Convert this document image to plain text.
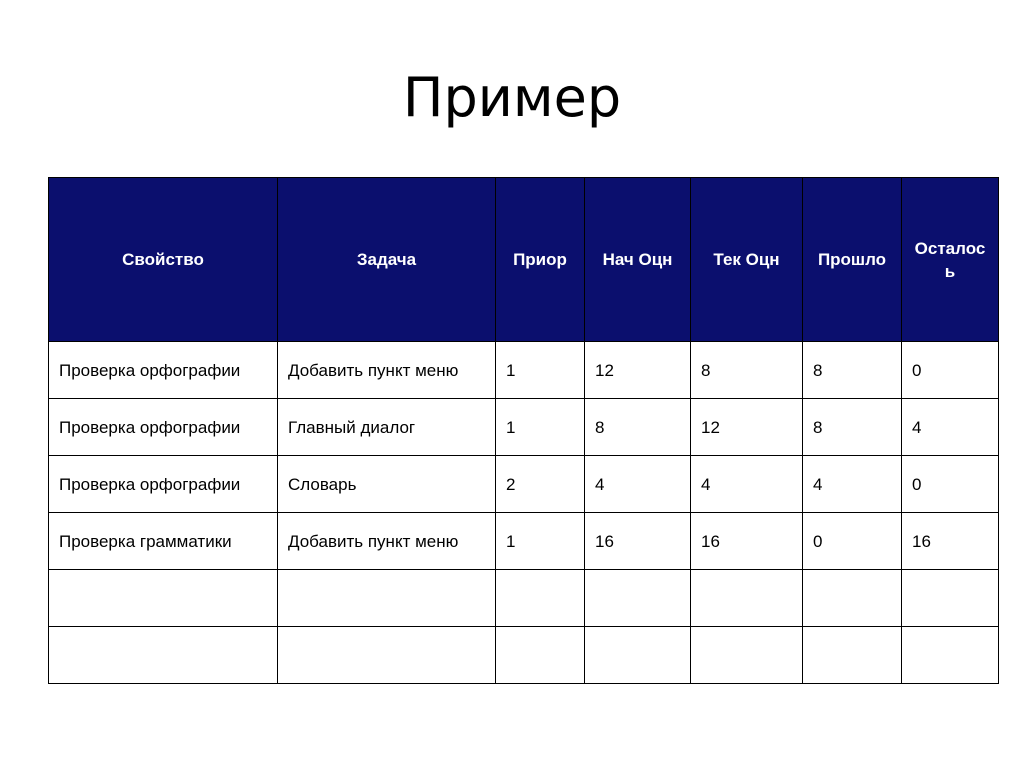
Пример
Свойство	Задача	Приор	Нач Оцн	Тек Оцн	Прошло	Осталось
Проверка орфографии	Добавить пункт меню	1	12	8	8	0
Проверка орфографии	Главный диалог	1	8	12	8	4
Проверка орфографии	Словарь	2	4	4	4	0
Проверка грамматики	Добавить пункт меню	1	16	16	0	16
